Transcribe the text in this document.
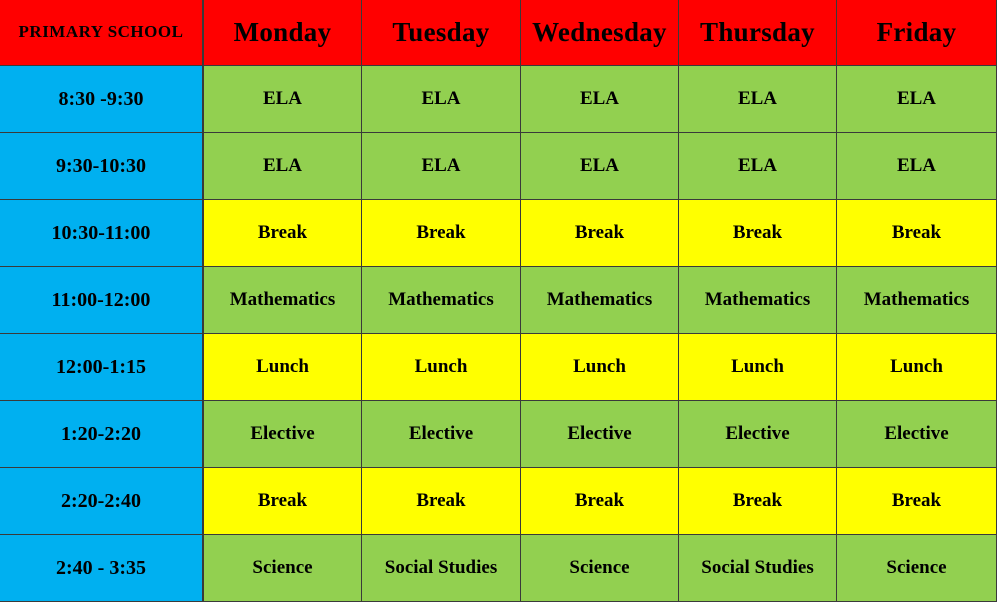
PRIMARY SCHOOL	Monday	Tuesday	Wednesday	Thursday	Friday
8:30 -9:30	ELA	ELA	ELA	ELA	ELA
9:30-10:30	ELA	ELA	ELA	ELA	ELA
10:30-11:00	Break	Break	Break	Break	Break
11:00-12:00	Mathematics	Mathematics	Mathematics	Mathematics	Mathematics
12:00-1:15	Lunch	Lunch	Lunch	Lunch	Lunch
1:20-2:20	Elective	Elective	Elective	Elective	Elective
2:20-2:40	Break	Break	Break	Break	Break
2:40 - 3:35	Science	Social Studies	Science	Social Studies	Science
